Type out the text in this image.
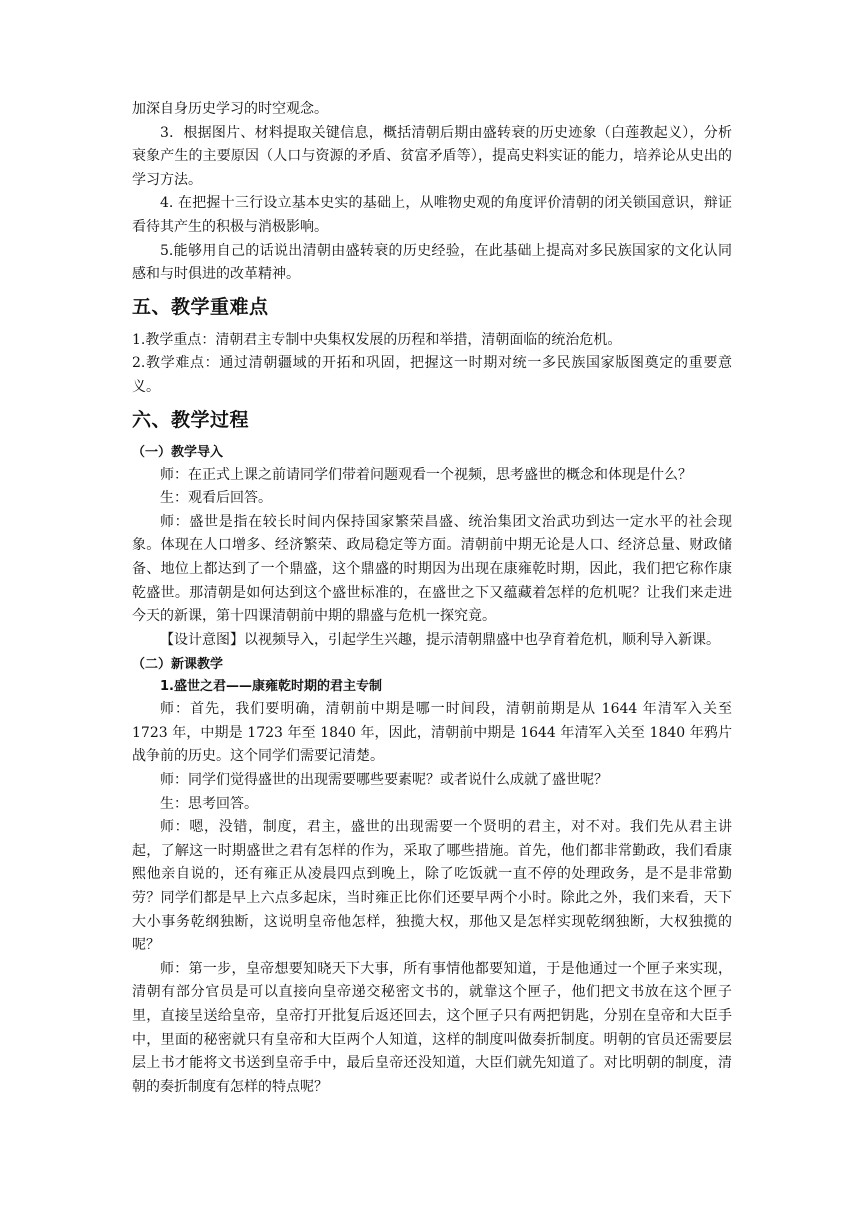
加深自身历史学习的时空观念。

3．根据图片、材料提取关键信息，概括清朝后期由盛转衰的历史迹象（白莲教起义），分析衰象产生的主要原因（人口与资源的矛盾、贫富矛盾等），提高史料实证的能力，培养论从史出的学习方法。

4. 在把握十三行设立基本史实的基础上，从唯物史观的角度评价清朝的闭关锁国意识，辩证看待其产生的积极与消极影响。

5.能够用自己的话说出清朝由盛转衰的历史经验，在此基础上提高对多民族国家的文化认同感和与时俱进的改革精神。

五、教学重难点

1.教学重点：清朝君主专制中央集权发展的历程和举措，清朝面临的统治危机。

2.教学难点：通过清朝疆域的开拓和巩固，把握这一时期对统一多民族国家版图奠定的重要意义。

六、教学过程
（一）教学导入

师：在正式上课之前请同学们带着问题观看一个视频，思考盛世的概念和体现是什么？

生：观看后回答。

师：盛世是指在较长时间内保持国家繁荣昌盛、统治集团文治武功到达一定水平的社会现象。体现在人口增多、经济繁荣、政局稳定等方面。清朝前中期无论是人口、经济总量、财政储备、地位上都达到了一个鼎盛，这个鼎盛的时期因为出现在康雍乾时期，因此，我们把它称作康乾盛世。那清朝是如何达到这个盛世标准的，在盛世之下又蕴藏着怎样的危机呢？让我们来走进今天的新课，第十四课清朝前中期的鼎盛与危机一探究竟。

【设计意图】以视频导入，引起学生兴趣，提示清朝鼎盛中也孕育着危机，顺利导入新课。

（二）新课教学
1.盛世之君——康雍乾时期的君主专制

师：首先，我们要明确，清朝前中期是哪一时间段，清朝前期是从 1644 年清军入关至 1723 年，中期是 1723 年至 1840 年，因此，清朝前中期是 1644 年清军入关至 1840 年鸦片战争前的历史。这个同学们需要记清楚。

师：同学们觉得盛世的出现需要哪些要素呢？或者说什么成就了盛世呢？

生：思考回答。

师：嗯，没错，制度，君主，盛世的出现需要一个贤明的君主，对不对。我们先从君主讲起，了解这一时期盛世之君有怎样的作为，采取了哪些措施。首先，他们都非常勤政，我们看康熙他亲自说的，还有雍正从凌晨四点到晚上，除了吃饭就一直不停的处理政务，是不是非常勤劳？同学们都是早上六点多起床，当时雍正比你们还要早两个小时。除此之外，我们来看，天下大小事务乾纲独断，这说明皇帝他怎样，独揽大权，那他又是怎样实现乾纲独断，大权独揽的呢？

师：第一步，皇帝想要知晓天下大事，所有事情他都要知道，于是他通过一个匣子来实现，清朝有部分官员是可以直接向皇帝递交秘密文书的，就靠这个匣子，他们把文书放在这个匣子里，直接呈送给皇帝，皇帝打开批复后返还回去，这个匣子只有两把钥匙，分别在皇帝和大臣手中，里面的秘密就只有皇帝和大臣两个人知道，这样的制度叫做奏折制度。明朝的官员还需要层层上书才能将文书送到皇帝手中，最后皇帝还没知道，大臣们就先知道了。对比明朝的制度，清朝的奏折制度有怎样的特点呢？
